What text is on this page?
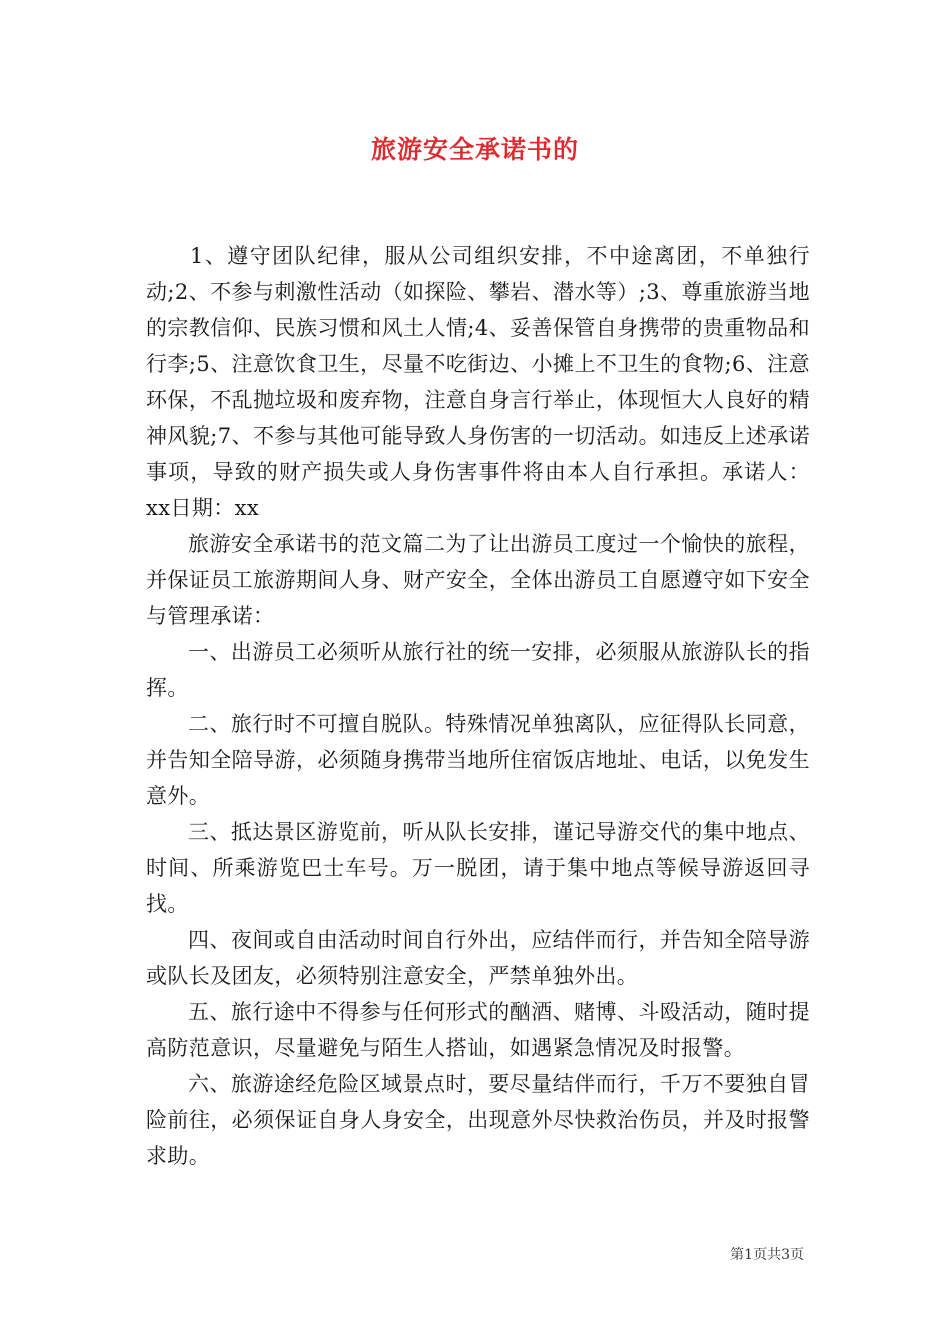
旅游安全承诺书的

1、遵守团队纪律，服从公司组织安排，不中途离团，不单独行动;2、不参与刺激性活动（如探险、攀岩、潜水等）;3、尊重旅游当地的宗教信仰、民族习惯和风土人情;4、妥善保管自身携带的贵重物品和行李;5、注意饮食卫生，尽量不吃街边、小摊上不卫生的食物;6、注意环保，不乱抛垃圾和废弃物，注意自身言行举止，体现恒大人良好的精神风貌;7、不参与其他可能导致人身伤害的一切活动。如违反上述承诺事项，导致的财产损失或人身伤害事件将由本人自行承担。承诺人：xx日期：xx

旅游安全承诺书的范文篇二为了让出游员工度过一个愉快的旅程，并保证员工旅游期间人身、财产安全，全体出游员工自愿遵守如下安全与管理承诺：

一、出游员工必须听从旅行社的统一安排，必须服从旅游队长的指挥。

二、旅行时不可擅自脱队。特殊情况单独离队，应征得队长同意，并告知全陪导游，必须随身携带当地所住宿饭店地址、电话，以免发生意外。

三、抵达景区游览前，听从队长安排，谨记导游交代的集中地点、时间、所乘游览巴士车号。万一脱团，请于集中地点等候导游返回寻找。

四、夜间或自由活动时间自行外出，应结伴而行，并告知全陪导游或队长及团友，必须特别注意安全，严禁单独外出。

五、旅行途中不得参与任何形式的酗酒、赌博、斗殴活动，随时提高防范意识，尽量避免与陌生人搭讪，如遇紧急情况及时报警。

六、旅游途经危险区域景点时，要尽量结伴而行，千万不要独自冒险前往，必须保证自身人身安全，出现意外尽快救治伤员，并及时报警求助。

第1页共3页
